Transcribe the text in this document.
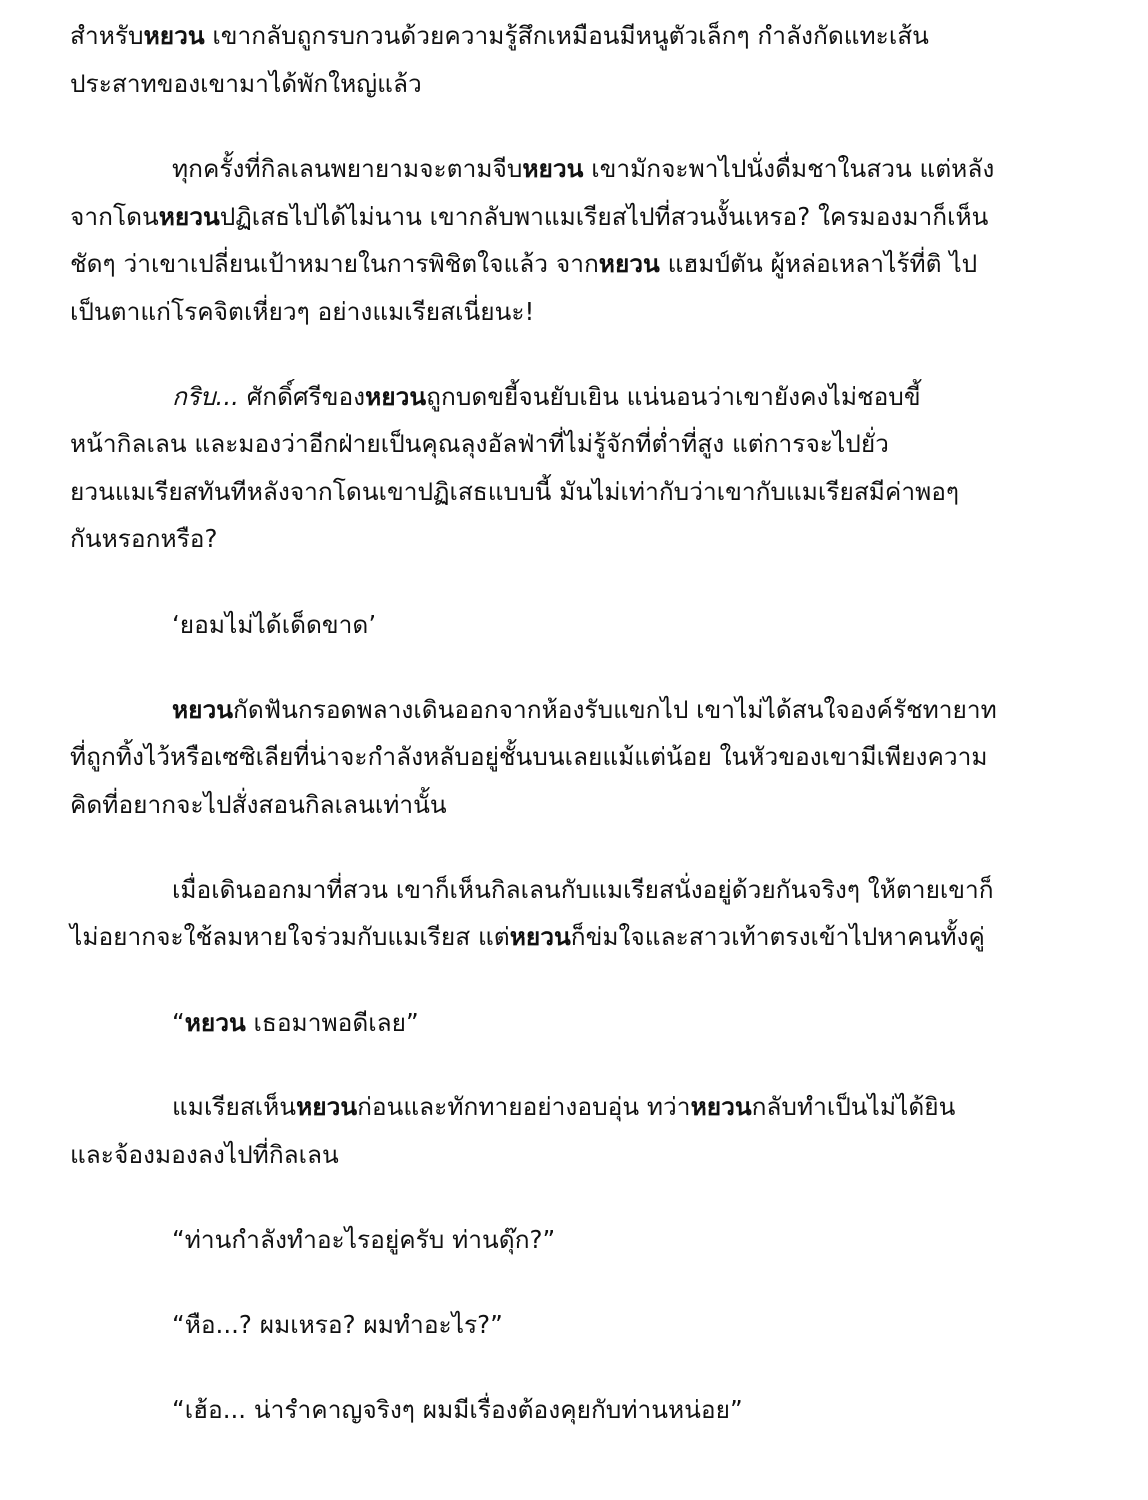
สำหรับหยวน เขากลับถูกรบกวนด้วยความรู้สึกเหมือนมีหนูตัวเล็กๆ กำลังกัดแทะเส้น
ประสาทของเขามาได้พักใหญ่แล้ว
ทุกครั้งที่กิลเลนพยายามจะตามจีบหยวน เขามักจะพาไปนั่งดื่มชาในสวน แต่หลัง
จากโดนหยวนปฏิเสธไปได้ไม่นาน เขากลับพาแมเรียสไปที่สวนงั้นเหรอ? ใครมองมาก็เห็น
ชัดๆ ว่าเขาเปลี่ยนเป้าหมายในการพิชิตใจแล้ว จากหยวน แฮมป์ตัน ผู้หล่อเหลาไร้ที่ติ ไป
เป็นตาแก่โรคจิตเหี่ยวๆ อย่างแมเรียสเนี่ยนะ!
กริบ... ศักดิ์ศรีของหยวนถูกบดขยี้จนยับเยิน แน่นอนว่าเขายังคงไม่ชอบขี้
หน้ากิลเลน และมองว่าอีกฝ่ายเป็นคุณลุงอัลฟ่าที่ไม่รู้จักที่ต่ำที่สูง แต่การจะไปยั่ว
ยวนแมเรียสทันทีหลังจากโดนเขาปฏิเสธแบบนี้ มันไม่เท่ากับว่าเขากับแมเรียสมีค่าพอๆ
กันหรอกหรือ?
‘ยอมไม่ได้เด็ดขาด’
หยวนกัดฟันกรอดพลางเดินออกจากห้องรับแขกไป เขาไม่ได้สนใจองค์รัชทายาท
ที่ถูกทิ้งไว้หรือเซซิเลียที่น่าจะกำลังหลับอยู่ชั้นบนเลยแม้แต่น้อย ในหัวของเขามีเพียงความ
คิดที่อยากจะไปสั่งสอนกิลเลนเท่านั้น
เมื่อเดินออกมาที่สวน เขาก็เห็นกิลเลนกับแมเรียสนั่งอยู่ด้วยกันจริงๆ ให้ตายเขาก็
ไม่อยากจะใช้ลมหายใจร่วมกับแมเรียส แต่หยวนก็ข่มใจและสาวเท้าตรงเข้าไปหาคนทั้งคู่
“หยวน เธอมาพอดีเลย”
แมเรียสเห็นหยวนก่อนและทักทายอย่างอบอุ่น ทว่าหยวนกลับทำเป็นไม่ได้ยิน
และจ้องมองลงไปที่กิลเลน
“ท่านกำลังทำอะไรอยู่ครับ ท่านดุ๊ก?”
“หือ...? ผมเหรอ? ผมทำอะไร?”
“เฮ้อ... น่ารำคาญจริงๆ ผมมีเรื่องต้องคุยกับท่านหน่อย”
